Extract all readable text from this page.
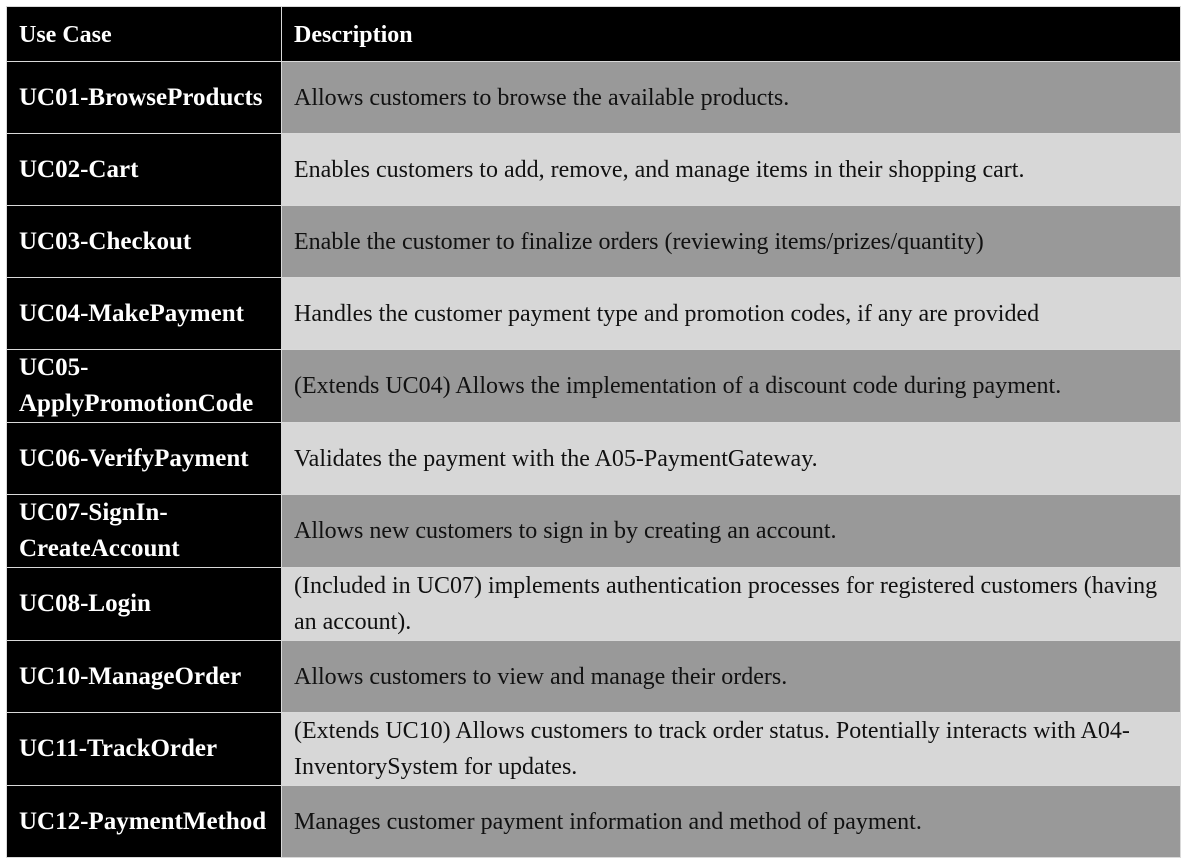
Use Case	Description
UC01-BrowseProducts	Allows customers to browse the available products.
UC02-Cart	Enables customers to add, remove, and manage items in their shopping cart.
UC03-Checkout	Enable the customer to finalize orders (reviewing items/prizes/quantity)
UC04-MakePayment	Handles the customer payment type and promotion codes, if any are provided
UC05-ApplyPromotionCode	(Extends UC04) Allows the implementation of a discount code during payment.
UC06-VerifyPayment	Validates the payment with the A05-PaymentGateway.
UC07-SignIn-CreateAccount	Allows new customers to sign in by creating an account.
UC08-Login	(Included in UC07) implements authentication processes for registered customers (having an account).
UC10-ManageOrder	Allows customers to view and manage their orders.
UC11-TrackOrder	(Extends UC10) Allows customers to track order status. Potentially interacts with A04-InventorySystem for updates.
UC12-PaymentMethod	Manages customer payment information and method of payment.
